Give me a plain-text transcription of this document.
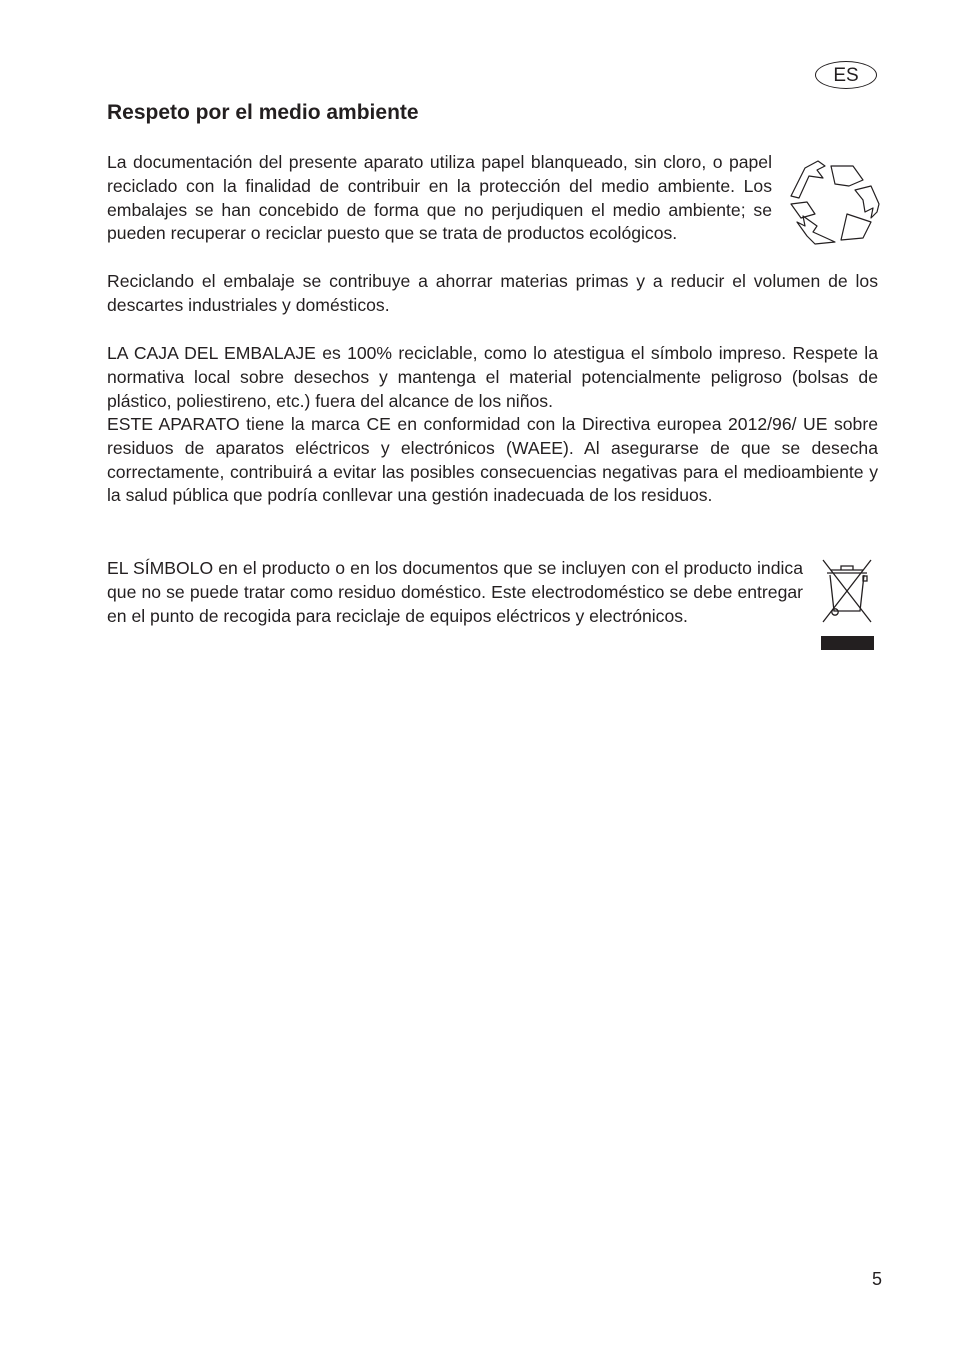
ES
Respeto por el medio ambiente

La documentación del presente aparato utiliza papel blanqueado, sin cloro, o papel reciclado con la finalidad de contribuir en la protección del medio ambiente. Los embalajes se han concebido de forma que no perjudiquen el medio ambiente; se pueden recuperar o reciclar puesto que se trata de productos ecológicos.

Reciclando el embalaje se contribuye a ahorrar materias primas y a reducir el volumen de los descartes industriales y domésticos.

LA CAJA DEL EMBALAJE es 100% reciclable, como lo atestigua el símbolo impreso. Respete la normativa local sobre desechos y mantenga el material potencialmente peligroso (bolsas de plástico, poliestireno, etc.) fuera del alcance de los niños.

ESTE APARATO tiene la marca CE en conformidad con la Directiva europea 2012/96/ UE sobre residuos de aparatos eléctricos y electrónicos (WAEE). Al asegurarse de que se desecha correctamente, contribuirá a evitar las posibles consecuencias negativas para el medioambiente y la salud pública que podría conllevar una gestión inadecuada de los residuos.

EL SÍMBOLO en el producto o en los documentos que se incluyen con el producto indica que no se puede tratar como residuo doméstico. Este electrodoméstico se debe entregar en el punto de recogida para reciclaje de equipos eléctricos y electrónicos.

5
